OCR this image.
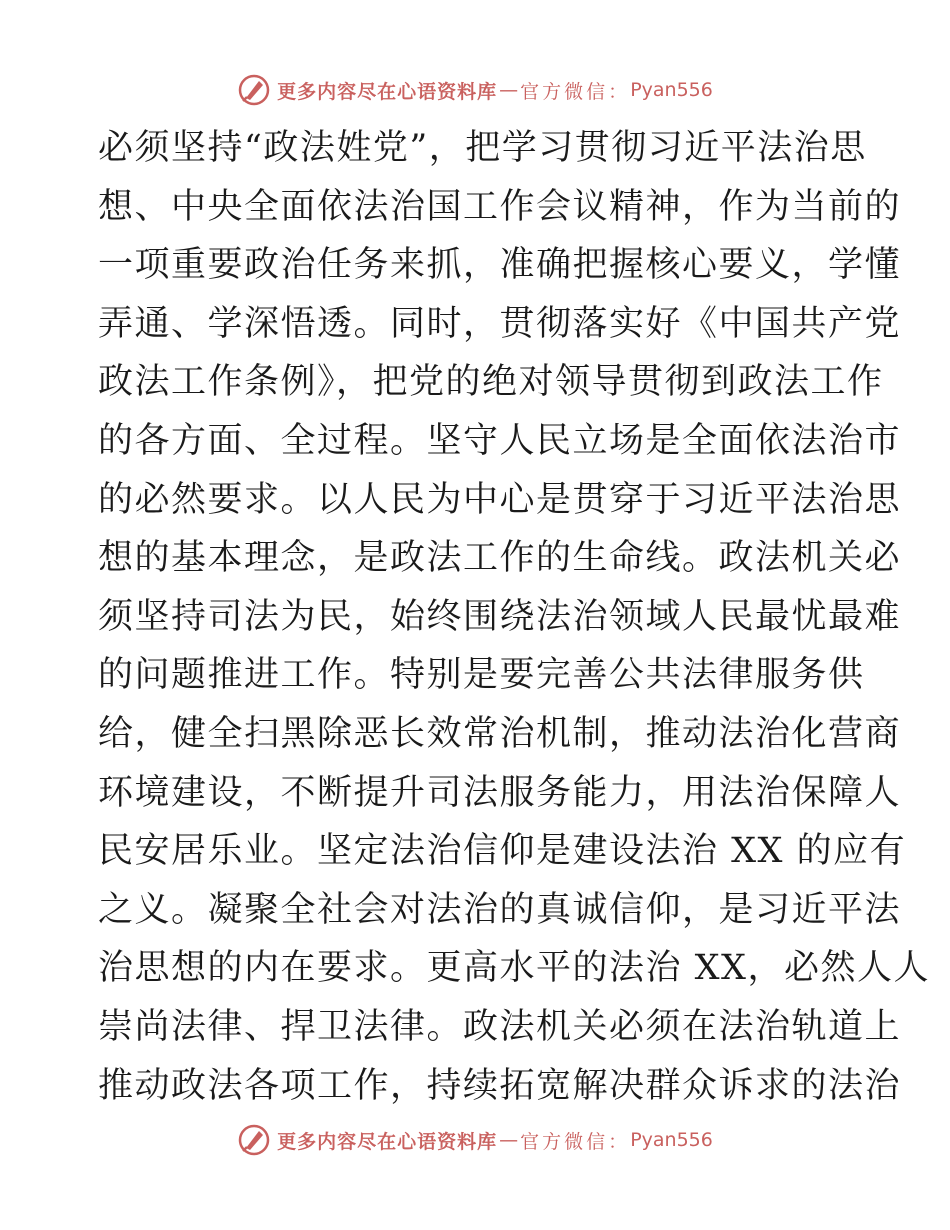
更多内容尽在心语资料库 — 官方微信： Pyan556
必须坚持“政法姓党”，把学习贯彻习近平法治思
想、中央全面依法治国工作会议精神，作为当前的
一项重要政治任务来抓，准确把握核心要义，学懂
弄通、学深悟透。同时，贯彻落实好《中国共产党
政法工作条例》，把党的绝对领导贯彻到政法工作
的各方面、全过程。坚守人民立场是全面依法治市
的必然要求。以人民为中心是贯穿于习近平法治思
想的基本理念，是政法工作的生命线。政法机关必
须坚持司法为民，始终围绕法治领域人民最忧最难
的问题推进工作。特别是要完善公共法律服务供
给，健全扫黑除恶长效常治机制，推动法治化营商
环境建设，不断提升司法服务能力，用法治保障人
民安居乐业。坚定法治信仰是建设法治 XX 的应有
之义。凝聚全社会对法治的真诚信仰，是习近平法
治思想的内在要求。更高水平的法治 XX，必然人人
崇尚法律、捍卫法律。政法机关必须在法治轨道上
推动政法各项工作，持续拓宽解决群众诉求的法治
更多内容尽在心语资料库 — 官方微信： Pyan556
